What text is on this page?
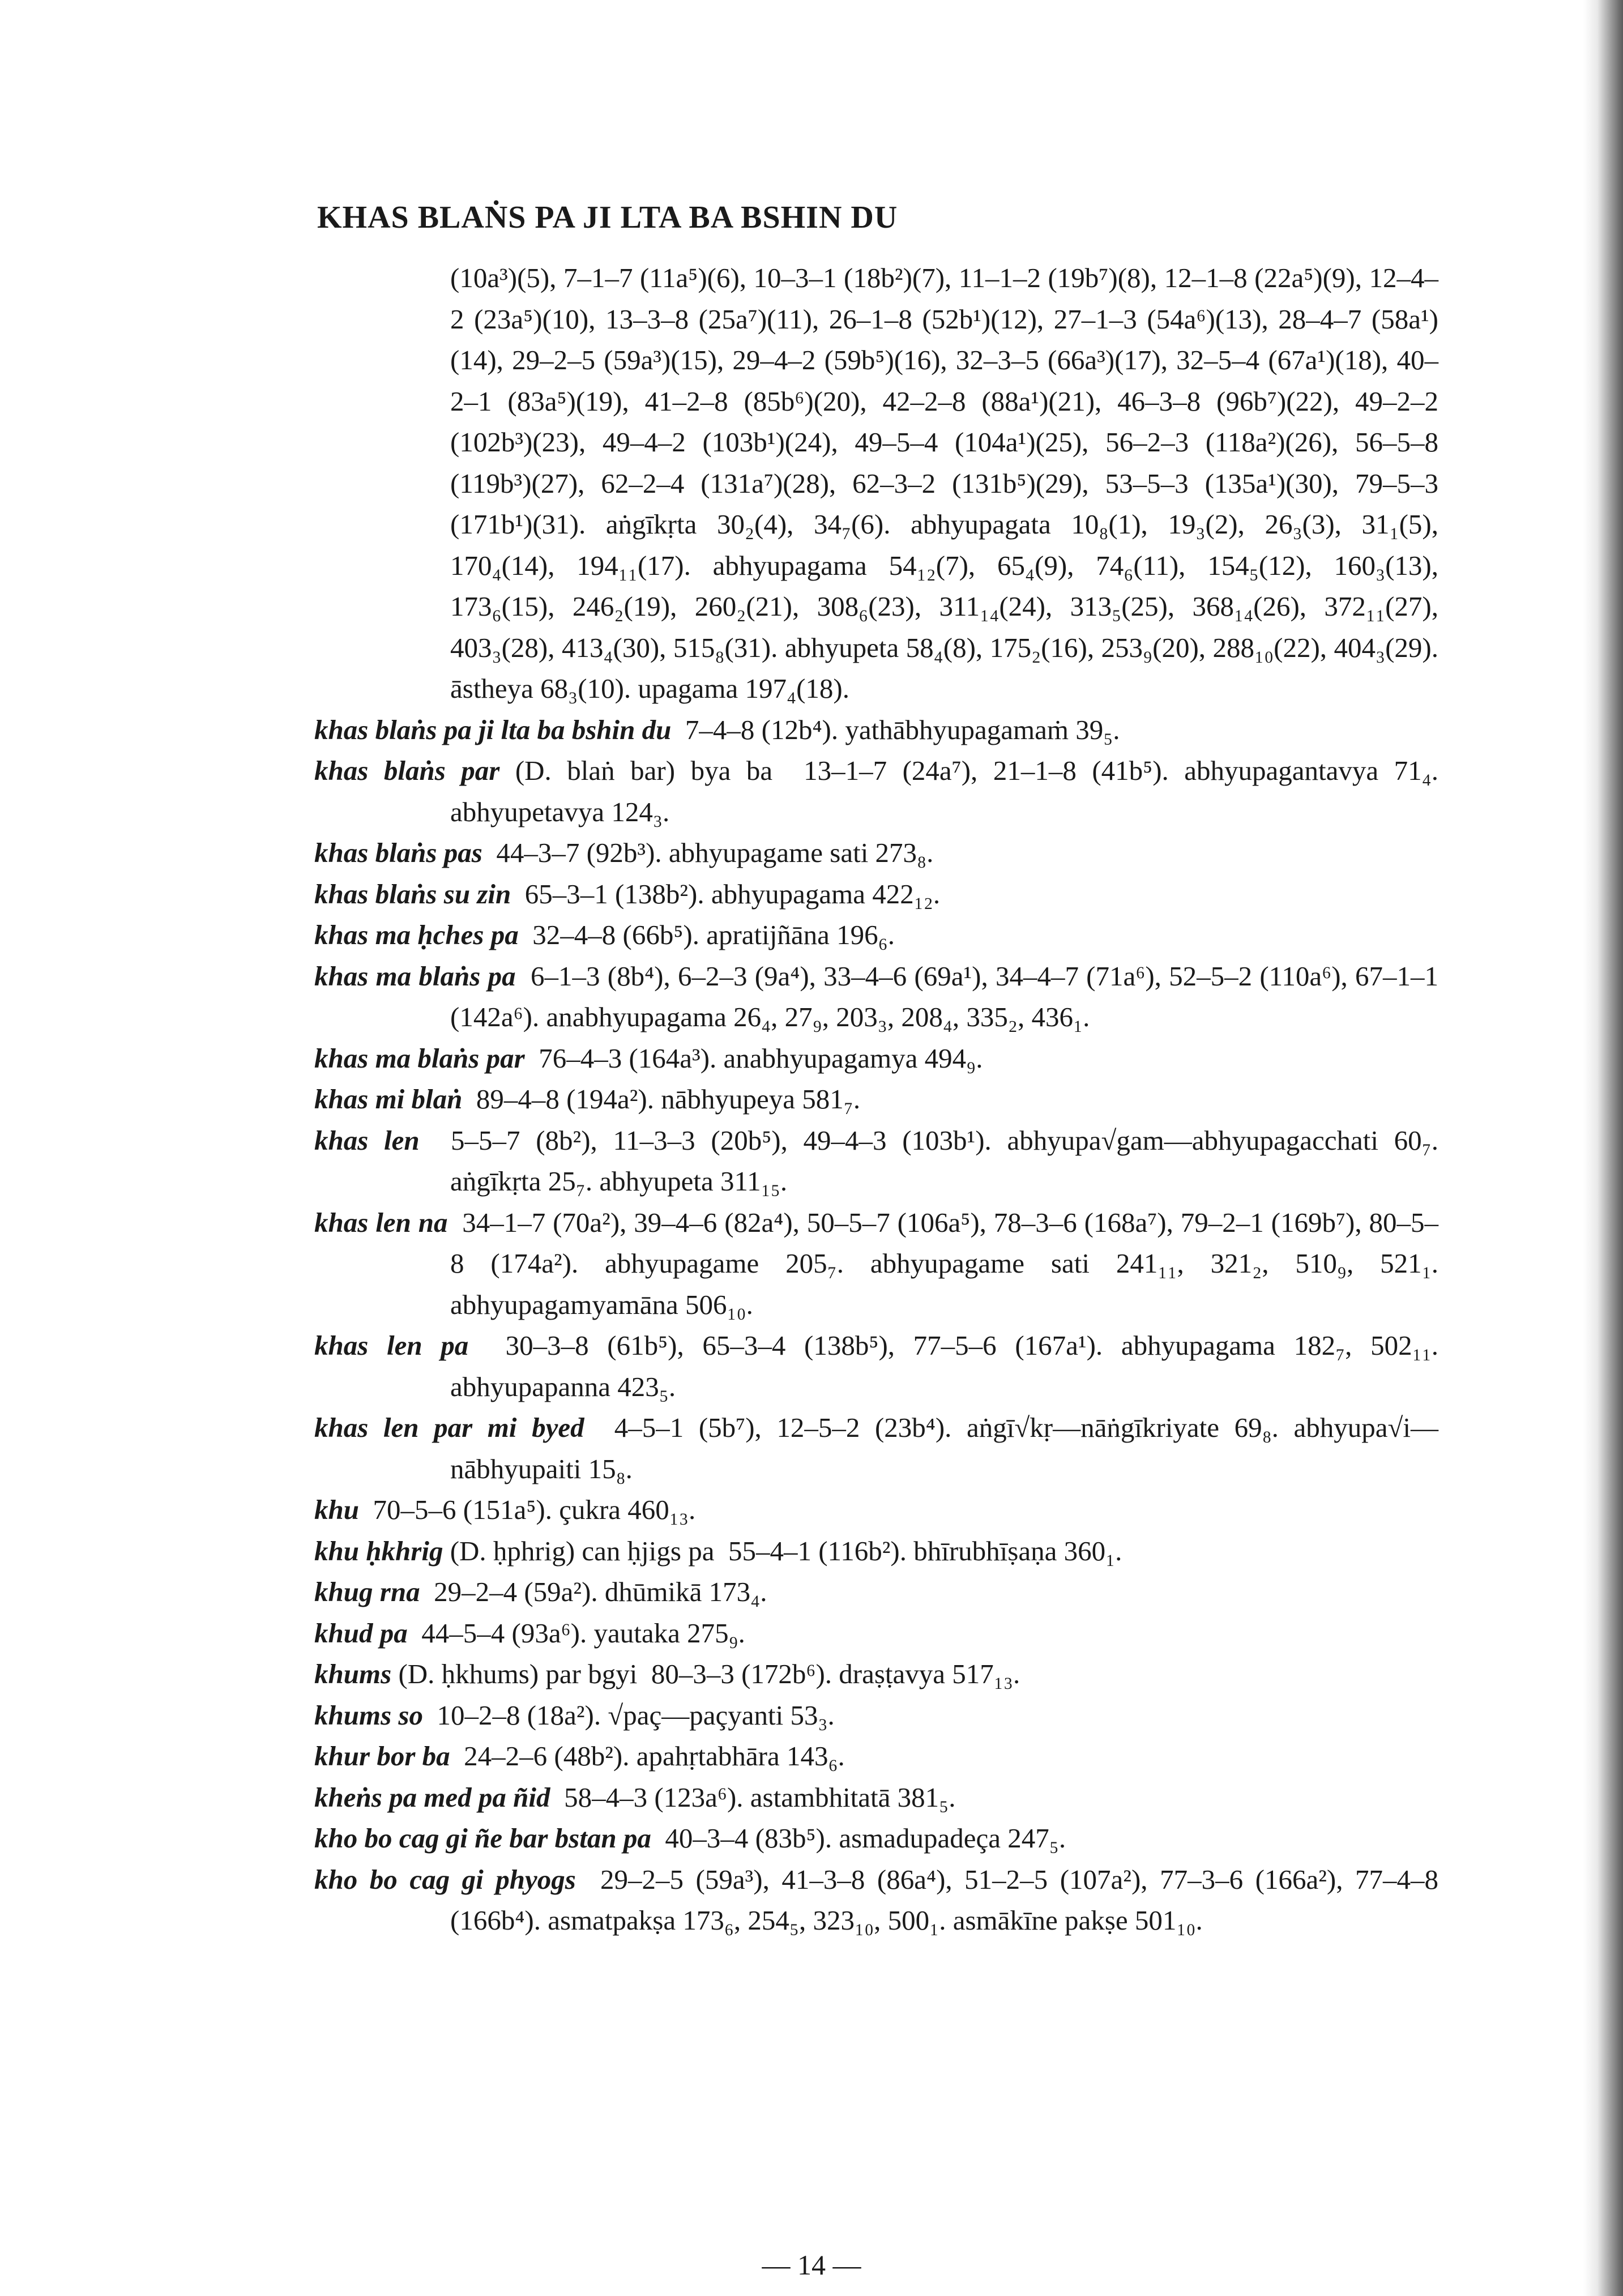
KHAS BLAṄS PA JI LTA BA BSHIN DU
(10a³)(5), 7–1–7 (11a⁵)(6), 10–3–1 (18b²)(7), 11–1–2 (19b⁷)(8), 12–1–8 (22a⁵)(9), 12–4–2 (23a⁵)(10), 13–3–8 (25a⁷)(11), 26–1–8 (52b¹)(12), 27–1–3 (54a⁶)(13), 28–4–7 (58a¹)(14), 29–2–5 (59a³)(15), 29–4–2 (59b⁵)(16), 32–3–5 (66a³)(17), 32–5–4 (67a¹)(18), 40–2–1 (83a⁵)(19), 41–2–8 (85b⁶)(20), 42–2–8 (88a¹)(21), 46–3–8 (96b⁷)(22), 49–2–2 (102b³)(23), 49–4–2 (103b¹)(24), 49–5–4 (104a¹)(25), 56–2–3 (118a²)(26), 56–5–8 (119b³)(27), 62–2–4 (131a⁷)(28), 62–3–2 (131b⁵)(29), 53–5–3 (135a¹)(30), 79–5–3 (171b¹)(31). aṅgīkṛta 30₂(4), 34₇(6). abhyupagata 10₈(1), 19₃(2), 26₃(3), 31₁(5), 170₄(14), 194₁₁(17). abhyupagama 54₁₂(7), 65₄(9), 74₆(11), 154₅(12), 160₃(13), 173₆(15), 246₂(19), 260₂(21), 308₆(23), 311₁₄(24), 313₅(25), 368₁₄(26), 372₁₁(27), 403₃(28), 413₄(30), 515₈(31). abhyupeta 58₄(8), 175₂(16), 253₉(20), 288₁₀(22), 404₃(29). āstheya 68₃(10). upagama 197₄(18).
khas blaṅs pa ji lta ba bshin du  7–4–8 (12b⁴). yathābhyupagamaṁ 39₅.
khas blaṅs par (D. blaṅ bar) bya ba  13–1–7 (24a⁷), 21–1–8 (41b⁵). abhyupagantavya 71₄. abhyupetavya 124₃.
khas blaṅs pas  44–3–7 (92b³). abhyupagame sati 273₈.
khas blaṅs su zin  65–3–1 (138b²). abhyupagama 422₁₂.
khas ma ḥches pa  32–4–8 (66b⁵). apratijñāna 196₆.
khas ma blaṅs pa  6–1–3 (8b⁴), 6–2–3 (9a⁴), 33–4–6 (69a¹), 34–4–7 (71a⁶), 52–5–2 (110a⁶), 67–1–1 (142a⁶). anabhyupagama 26₄, 27₉, 203₃, 208₄, 335₂, 436₁.
khas ma blaṅs par  76–4–3 (164a³). anabhyupagamya 494₉.
khas mi blaṅ  89–4–8 (194a²). nābhyupeya 581₇.
khas len  5–5–7 (8b²), 11–3–3 (20b⁵), 49–4–3 (103b¹). abhyupa√gam—abhyupagacchati 60₇. aṅgīkṛta 25₇. abhyupeta 311₁₅.
khas len na  34–1–7 (70a²), 39–4–6 (82a⁴), 50–5–7 (106a⁵), 78–3–6 (168a⁷), 79–2–1 (169b⁷), 80–5–8 (174a²). abhyupagame 205₇. abhyupagame sati 241₁₁, 321₂, 510₉, 521₁. abhyupagamyamāna 506₁₀.
khas len pa  30–3–8 (61b⁵), 65–3–4 (138b⁵), 77–5–6 (167a¹). abhyupagama 182₇, 502₁₁. abhyupapanna 423₅.
khas len par mi byed  4–5–1 (5b⁷), 12–5–2 (23b⁴). aṅgī√kṛ—nāṅgīkriyate 69₈. abhyupa√i—nābhyupaiti 15₈.
khu  70–5–6 (151a⁵). çukra 460₁₃.
khu ḥkhrig (D. ḥphrig) can ḥjigs pa  55–4–1 (116b²). bhīrubhīṣaṇa 360₁.
khug rna  29–2–4 (59a²). dhūmikā 173₄.
khud pa  44–5–4 (93a⁶). yautaka 275₉.
khums (D. ḥkhums) par bgyi  80–3–3 (172b⁶). draṣṭavya 517₁₃.
khums so  10–2–8 (18a²). √paç—paçyanti 53₃.
khur bor ba  24–2–6 (48b²). apahṛtabhāra 143₆.
kheṅs pa med pa ñid  58–4–3 (123a⁶). astambhitatā 381₅.
kho bo cag gi ñe bar bstan pa  40–3–4 (83b⁵). asmadupadeça 247₅.
kho bo cag gi phyogs  29–2–5 (59a³), 41–3–8 (86a⁴), 51–2–5 (107a²), 77–3–6 (166a²), 77–4–8 (166b⁴). asmatpakṣa 173₆, 254₅, 323₁₀, 500₁. asmākīne pakṣe 501₁₀.
— 14 —
